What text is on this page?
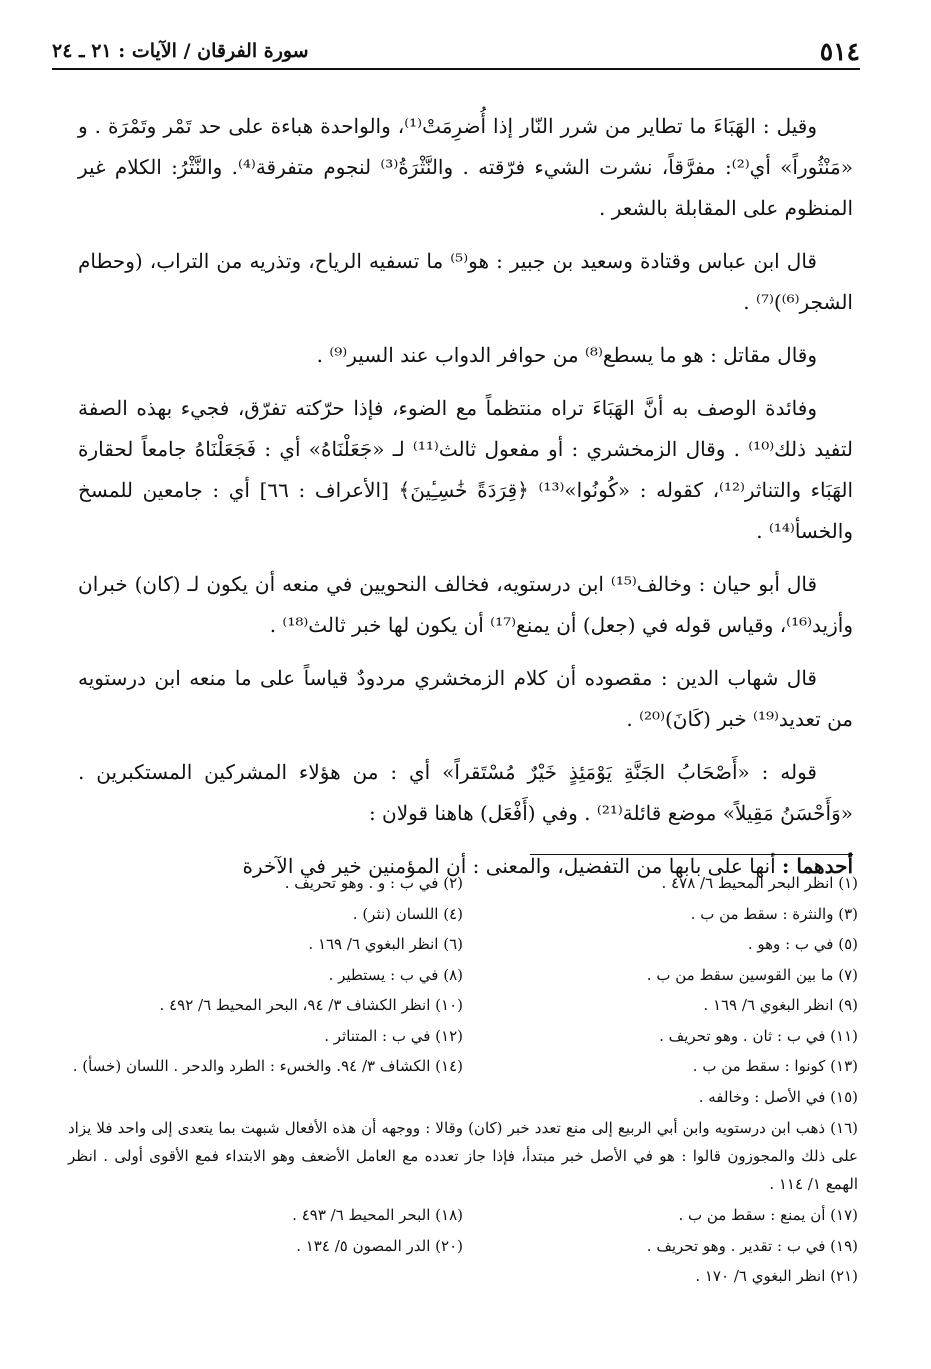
٥١٤
سورة الفرقان / الآيات : ٢١ ـ ٢٤

وقيل : الهَبَاءَ ما تطاير من شرر النّار إذا أُضرِمَتْ⁽¹⁾، والواحدة هباءة على حد تَمْر وتَمْرَة . و «مَنْثُوراً» أي⁽²⁾: مفرَّقاً، نشرت الشيء فرّقته . والنَّثْرَةُ⁽³⁾ لنجوم متفرقة⁽⁴⁾. والنَّثْرُ: الكلام غير المنظوم على المقابلة بالشعر .

قال ابن عباس وقتادة وسعيد بن جبير : هو⁽⁵⁾ ما تسفيه الرياح، وتذريه من التراب، (وحطام الشجر⁽⁶⁾)⁽⁷⁾ .

وقال مقاتل : هو ما يسطع⁽⁸⁾ من حوافر الدواب عند السير⁽⁹⁾ .

وفائدة الوصف به أنَّ الهَبَاءَ تراه منتظماً مع الضوء، فإذا حرّكته تفرّق، فجيء بهذه الصفة لتفيد ذلك⁽¹⁰⁾ . وقال الزمخشري : أو مفعول ثالث⁽¹¹⁾ لـ «جَعَلْنَاهُ» أي : فَجَعَلْنَاهُ جامعاً لحقارة الهَبَاء والتناثر⁽¹²⁾، كقوله : «كُونُوا»⁽¹³⁾ ﴿قِرَدَةً خَٰسِـِٔينَ﴾ [الأعراف : ٦٦] أي : جامعين للمسخ والخسأ⁽¹⁴⁾ .

قال أبو حيان : وخالف⁽¹⁵⁾ ابن درستويه، فخالف النحويين في منعه أن يكون لـ (كان) خبران وأزيد⁽¹⁶⁾، وقياس قوله في (جعل) أن يمنع⁽¹⁷⁾ أن يكون لها خبر ثالث⁽¹⁸⁾ .

قال شهاب الدين : مقصوده أن كلام الزمخشري مردودٌ قياساً على ما منعه ابن درستويه من تعديد⁽¹⁹⁾ خبر (كَانَ)⁽²⁰⁾ .

قوله : «أَصْحَابُ الجَنَّةِ يَوْمَئِذٍ خَيْرٌ مُسْتَقراً» أي : من هؤلاء المشركين المستكبرين . «وَأَحْسَنُ مَقِيلاً» موضع قائلة⁽²¹⁾ . وفي (أَفْعَل) هاهنا قولان :

أحدهما : أنها على بابها من التفضيل، والمعنى : أن المؤمنين خير في الآخرة

(١) انظر البحر المحيط ٦/ ٤٧٨ .
(٢) في ب : و . وهو تحريف .
(٣) والنثرة : سقط من ب .
(٤) اللسان (نثر) .
(٥) في ب : وهو .
(٦) انظر البغوي ٦/ ١٦٩ .
(٧) ما بين القوسين سقط من ب .
(٨) في ب : يستطير .
(٩) انظر البغوي ٦/ ١٦٩ .
(١٠) انظر الكشاف ٣/ ٩٤، البحر المحيط ٦/ ٤٩٢ .
(١١) في ب : ثان . وهو تحريف .
(١٢) في ب : المتناثر .
(١٣) كونوا : سقط من ب .
(١٤) الكشاف ٣/ ٩٤. والخسء : الطرد والدحر . اللسان (خسأ) .
(١٥) في الأصل : وخالفه .
(١٦) ذهب ابن درستويه وابن أبي الربيع إلى منع تعدد خبر (كان) وقالا : ووجهه أن هذه الأفعال شبهت بما يتعدى إلى واحد فلا يزاد على ذلك والمجوزون قالوا : هو في الأصل خبر مبتدأ، فإذا جاز تعدده مع العامل الأضعف وهو الابتداء فمع الأقوى أولى . انظر الهمع ١/ ١١٤ .
(١٧) أن يمنع : سقط من ب .
(١٨) البحر المحيط ٦/ ٤٩٣ .
(١٩) في ب : تقدير . وهو تحريف .
(٢٠) الدر المصون ٥/ ١٣٤ .
(٢١) انظر البغوي ٦/ ١٧٠ .
